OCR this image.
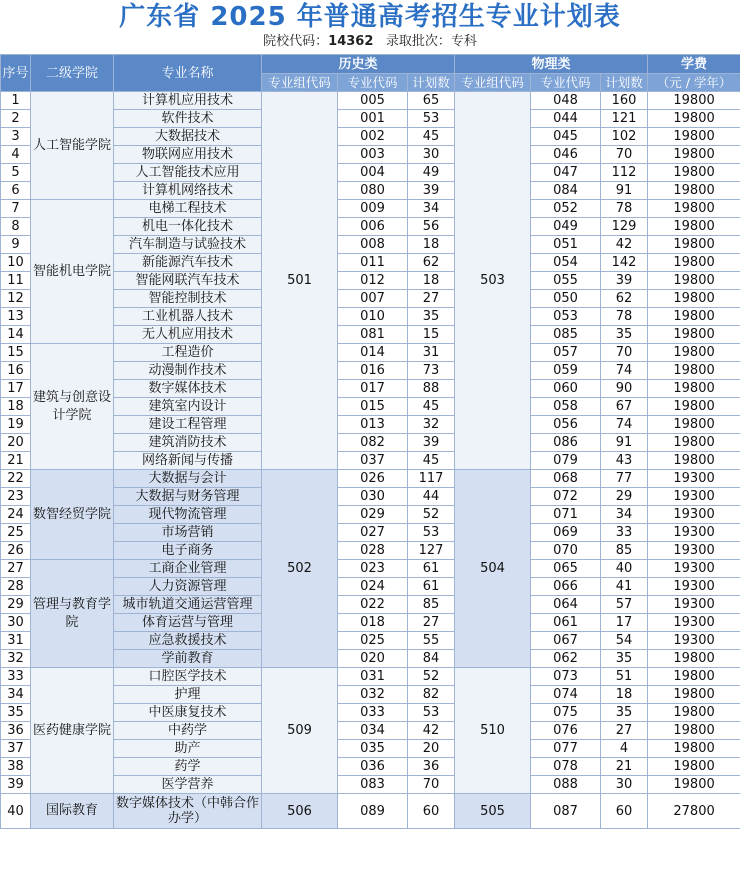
广东省 2025 年普通高考招生专业计划表
院校代码：14362 录取批次：专科
序号	二级学院	专业名称	历史类			物理类			学费
			专业组代码	专业代码	计划数	专业组代码	专业代码	计划数	（元 / 学年）
1	人工智能学院	计算机应用技术	501	005	65	503	048	160	19800
2		软件技术		001	53		044	121	19800
3		大数据技术		002	45		045	102	19800
4		物联网应用技术		003	30		046	70	19800
5		人工智能技术应用		004	49		047	112	19800
6		计算机网络技术		080	39		084	91	19800
7	智能机电学院	电梯工程技术		009	34		052	78	19800
8		机电一体化技术		006	56		049	129	19800
9		汽车制造与试验技术		008	18		051	42	19800
10		新能源汽车技术		011	62		054	142	19800
11		智能网联汽车技术		012	18		055	39	19800
12		智能控制技术		007	27		050	62	19800
13		工业机器人技术		010	35		053	78	19800
14		无人机应用技术		081	15		085	35	19800
15	建筑与创意设计学院	工程造价		014	31		057	70	19800
16		动漫制作技术		016	73		059	74	19800
17		数字媒体技术		017	88		060	90	19800
18		建筑室内设计		015	45		058	67	19800
19		建设工程管理		013	32		056	74	19800
20		建筑消防技术		082	39		086	91	19800
21		网络新闻与传播		037	45		079	43	19800
22	数智经贸学院	大数据与会计	502	026	117	504	068	77	19300
23		大数据与财务管理		030	44		072	29	19300
24		现代物流管理		029	52		071	34	19300
25		市场营销		027	53		069	33	19300
26		电子商务		028	127		070	85	19300
27	管理与教育学院	工商企业管理		023	61		065	40	19300
28		人力资源管理		024	61		066	41	19300
29		城市轨道交通运营管理		022	85		064	57	19300
30		体育运营与管理		018	27		061	17	19300
31		应急救援技术		025	55		067	54	19300
32		学前教育		020	84		062	35	19800
33	医药健康学院	口腔医学技术	509	031	52	510	073	51	19800
34		护理		032	82		074	18	19800
35		中医康复技术		033	53		075	35	19800
36		中药学		034	42		076	27	19800
37		助产		035	20		077	4	19800
38		药学		036	36		078	21	19800
39		医学营养		083	70		088	30	19800
40	国际教育	数字媒体技术（中韩合作办学）	506	089	60	505	087	60	27800
